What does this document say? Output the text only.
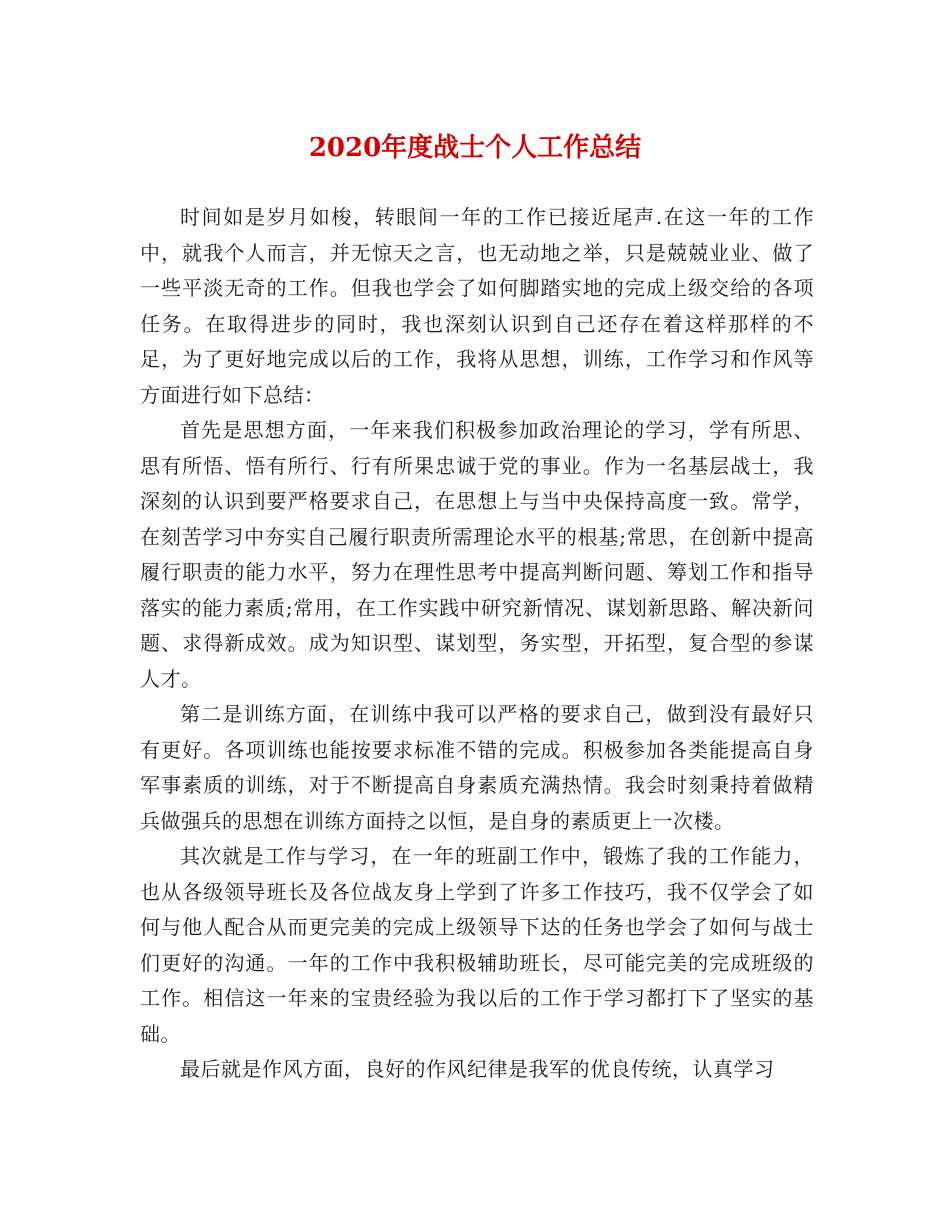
2020年度战士个人工作总结

时间如是岁月如梭，转眼间一年的工作已接近尾声.在这一年的工作中，就我个人而言，并无惊天之言，也无动地之举，只是兢兢业业、做了一些平淡无奇的工作。但我也学会了如何脚踏实地的完成上级交给的各项任务。在取得进步的同时，我也深刻认识到自己还存在着这样那样的不足，为了更好地完成以后的工作，我将从思想，训练，工作学习和作风等方面进行如下总结：

首先是思想方面，一年来我们积极参加政治理论的学习，学有所思、思有所悟、悟有所行、行有所果忠诚于党的事业。作为一名基层战士，我深刻的认识到要严格要求自己，在思想上与当中央保持高度一致。常学，在刻苦学习中夯实自己履行职责所需理论水平的根基;常思，在创新中提高履行职责的能力水平，努力在理性思考中提高判断问题、筹划工作和指导落实的能力素质;常用，在工作实践中研究新情况、谋划新思路、解决新问题、求得新成效。成为知识型、谋划型，务实型，开拓型，复合型的参谋人才。

第二是训练方面，在训练中我可以严格的要求自己，做到没有最好只有更好。各项训练也能按要求标准不错的完成。积极参加各类能提高自身军事素质的训练，对于不断提高自身素质充满热情。我会时刻秉持着做精兵做强兵的思想在训练方面持之以恒，是自身的素质更上一次楼。

其次就是工作与学习，在一年的班副工作中，锻炼了我的工作能力，也从各级领导班长及各位战友身上学到了许多工作技巧，我不仅学会了如何与他人配合从而更完美的完成上级领导下达的任务也学会了如何与战士们更好的沟通。一年的工作中我积极辅助班长，尽可能完美的完成班级的工作。相信这一年来的宝贵经验为我以后的工作于学习都打下了坚实的基础。

最后就是作风方面，良好的作风纪律是我军的优良传统，认真学习
